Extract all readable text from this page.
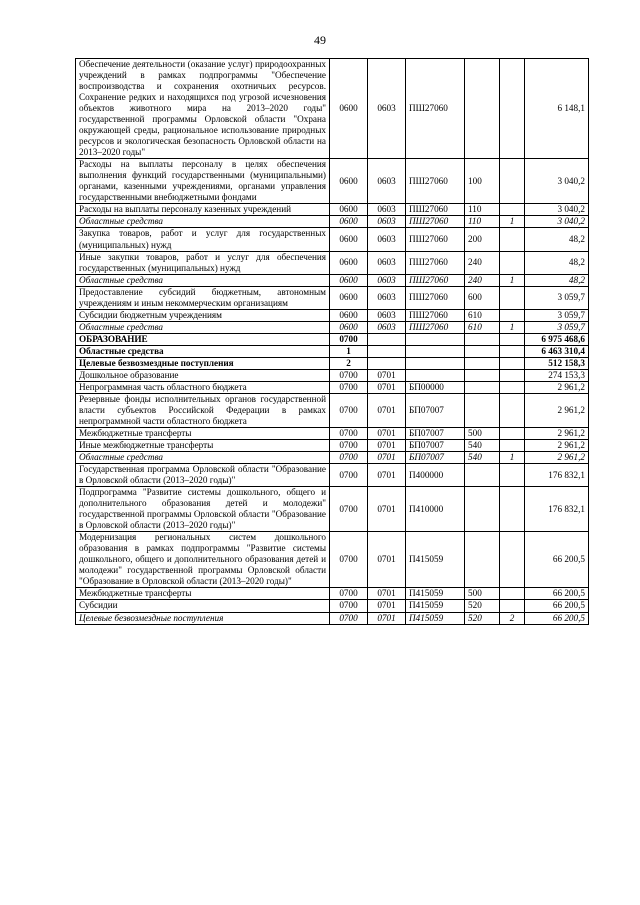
49
Обеспечение деятельности (оказание услуг) природоохранных учреждений в рамках подпрограммы "Обеспечение воспроизводства и сохранения охотничьих ресурсов. Сохранение редких и находящихся под угрозой исчезновения объектов животного мира на 2013–2020 годы" государственной программы Орловской области "Охрана окружающей среды, рациональное использование природных ресурсов и экологическая безопасность Орловской области на 2013–2020 годы"	0600	0603	ПШ27060			6 148,1
Расходы на выплаты персоналу в целях обеспечения выполнения функций государственными (муниципальными) органами, казенными учреждениями, органами управления государственными внебюджетными фондами	0600	0603	ПШ27060	100		3 040,2
Расходы на выплаты персоналу казенных учреждений	0600	0603	ПШ27060	110		3 040,2
Областные средства	0600	0603	ПШ27060	110	1	3 040,2
Закупка товаров, работ и услуг для государственных (муниципальных) нужд	0600	0603	ПШ27060	200		48,2
Иные закупки товаров, работ и услуг для обеспечения государственных (муниципальных) нужд	0600	0603	ПШ27060	240		48,2
Областные средства	0600	0603	ПШ27060	240	1	48,2
Предоставление субсидий бюджетным, автономным учреждениям и иным некоммерческим организациям	0600	0603	ПШ27060	600		3 059,7
Субсидии бюджетным учреждениям	0600	0603	ПШ27060	610		3 059,7
Областные средства	0600	0603	ПШ27060	610	1	3 059,7
ОБРАЗОВАНИЕ	0700					6 975 468,6
Областные средства	1					6 463 310,4
Целевые безвозмездные поступления	2					512 158,3
Дошкольное образование	0700	0701				274 153,3
Непрограммная часть областного бюджета	0700	0701	БП00000			2 961,2
Резервные фонды исполнительных органов государственной власти субъектов Российской Федерации в рамках непрограммной части областного бюджета	0700	0701	БП07007			2 961,2
Межбюджетные трансферты	0700	0701	БП07007	500		2 961,2
Иные межбюджетные трансферты	0700	0701	БП07007	540		2 961,2
Областные средства	0700	0701	БП07007	540	1	2 961,2
Государственная программа Орловской области "Образование в Орловской области (2013–2020 годы)"	0700	0701	П400000			176 832,1
Подпрограмма "Развитие системы дошкольного, общего и дополнительного образования детей и молодежи" государственной программы Орловской области "Образование в Орловской области (2013–2020 годы)"	0700	0701	П410000			176 832,1
Модернизация региональных систем дошкольного образования в рамках подпрограммы "Развитие системы дошкольного, общего и дополнительного образования детей и молодежи" государственной программы Орловской области "Образование в Орловской области (2013–2020 годы)"	0700	0701	П415059			66 200,5
Межбюджетные трансферты	0700	0701	П415059	500		66 200,5
Субсидии	0700	0701	П415059	520		66 200,5
Целевые безвозмездные поступления	0700	0701	П415059	520	2	66 200,5
